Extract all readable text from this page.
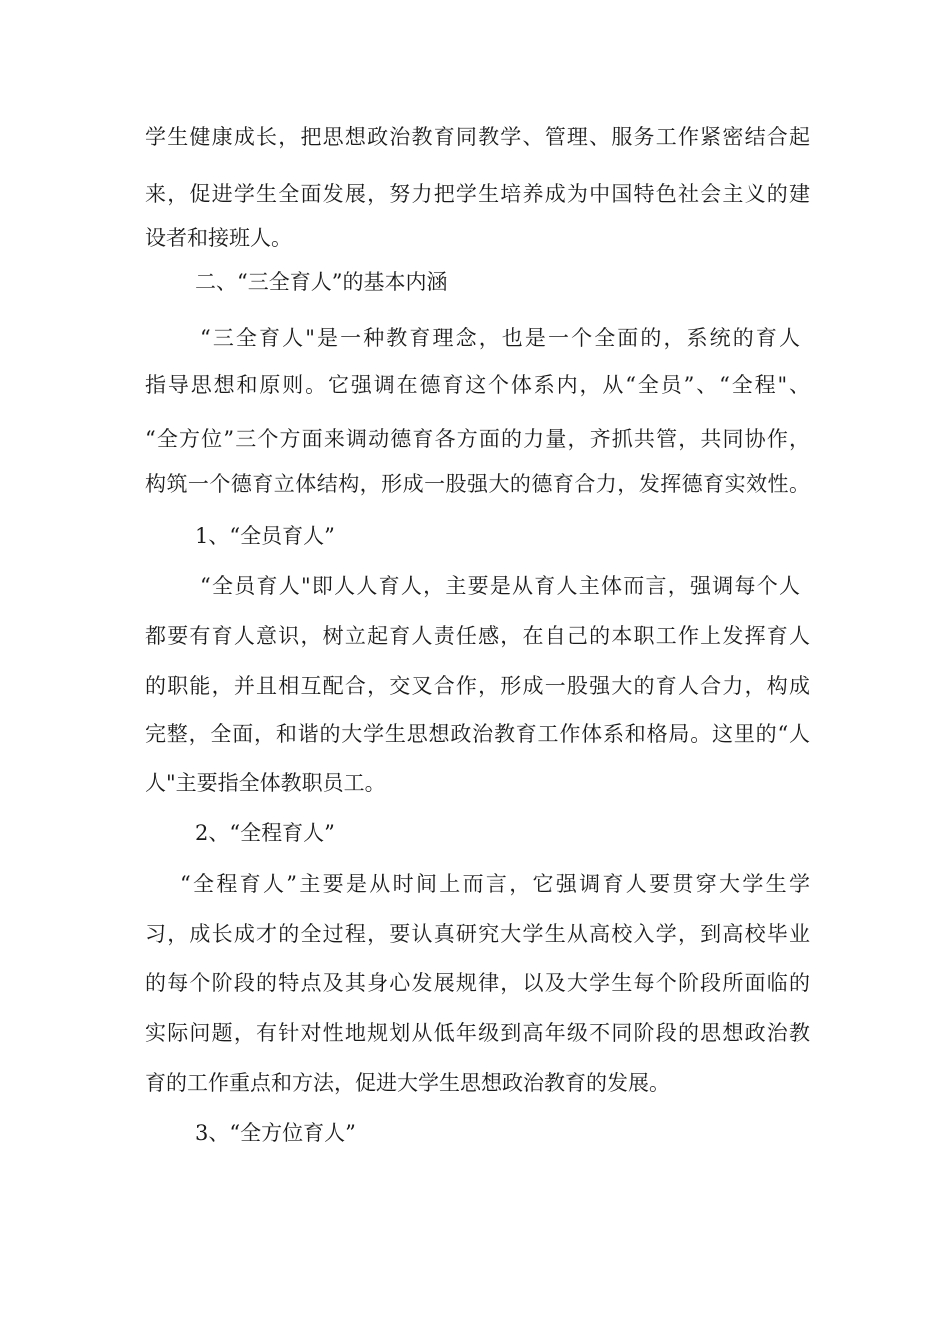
学生健康成长，把思想政治教育同教学、管理、服务工作紧密结合起
来，促进学生全面发展，努力把学生培养成为中国特色社会主义的建
设者和接班人。
二、“三全育人”的基本内涵
“三全育人"是一种教育理念，也是一个全面的，系统的育人
指导思想和原则。它强调在德育这个体系内，从“全员”、“全程"、
“全方位”三个方面来调动德育各方面的力量，齐抓共管，共同协作，
构筑一个德育立体结构，形成一股强大的德育合力，发挥德育实效性。
1、“全员育人”
“全员育人"即人人育人，主要是从育人主体而言，强调每个人
都要有育人意识，树立起育人责任感，在自己的本职工作上发挥育人
的职能，并且相互配合，交叉合作，形成一股强大的育人合力，构成
完整，全面，和谐的大学生思想政治教育工作体系和格局。这里的“人
人"主要指全体教职员工。
2、“全程育人”
“全程育人”主要是从时间上而言，它强调育人要贯穿大学生学
习，成长成才的全过程，要认真研究大学生从高校入学，到高校毕业
的每个阶段的特点及其身心发展规律，以及大学生每个阶段所面临的
实际问题，有针对性地规划从低年级到高年级不同阶段的思想政治教
育的工作重点和方法，促进大学生思想政治教育的发展。
3、“全方位育人”
